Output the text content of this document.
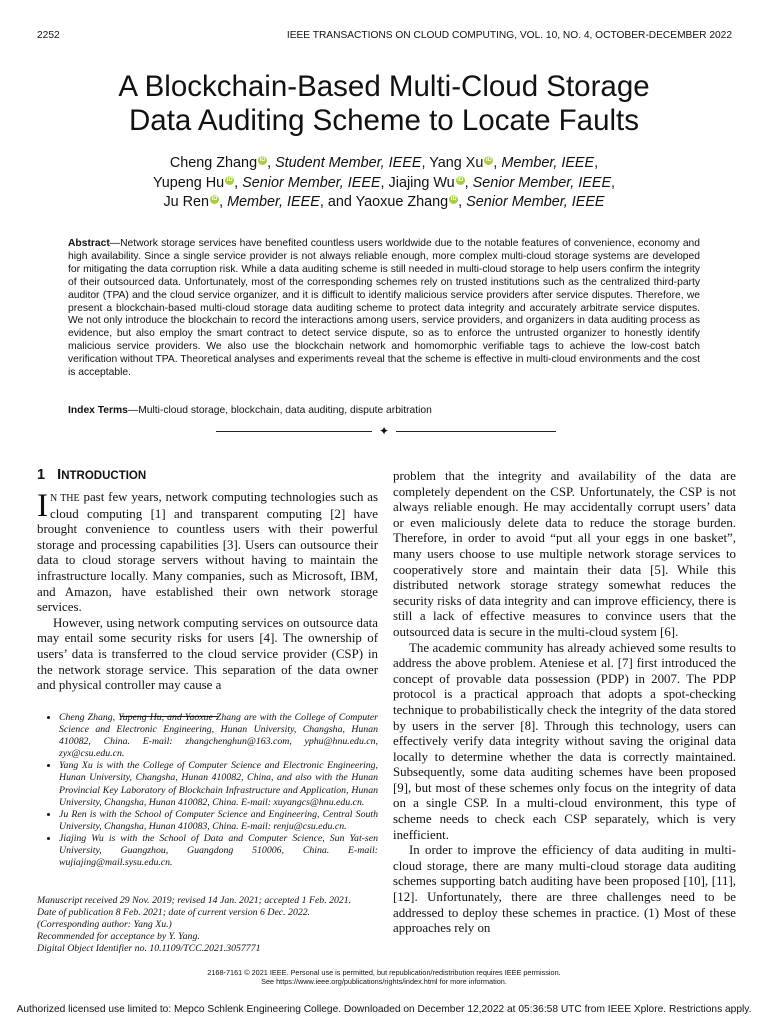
2252	IEEE TRANSACTIONS ON CLOUD COMPUTING, VOL. 10, NO. 4, OCTOBER-DECEMBER 2022
A Blockchain-Based Multi-Cloud Storage
Data Auditing Scheme to Locate Faults
Cheng Zhang iD , Student Member, IEEE, Yang Xu iD , Member, IEEE,
Yupeng Hu iD , Senior Member, IEEE, Jiajing Wu iD , Senior Member, IEEE,
Ju Ren iD , Member, IEEE, and Yaoxue Zhang iD , Senior Member, IEEE
Abstract—Network storage services have benefited countless users worldwide due to the notable features of convenience, economy and high availability. Since a single service provider is not always reliable enough, more complex multi-cloud storage systems are developed for mitigating the data corruption risk. While a data auditing scheme is still needed in multi-cloud storage to help users confirm the integrity of their outsourced data. Unfortunately, most of the corresponding schemes rely on trusted institutions such as the centralized third-party auditor (TPA) and the cloud service organizer, and it is difficult to identify malicious service providers after service disputes. Therefore, we present a blockchain-based multi-cloud storage data auditing scheme to protect data integrity and accurately arbitrate service disputes. We not only introduce the blockchain to record the interactions among users, service providers, and organizers in data auditing process as evidence, but also employ the smart contract to detect service dispute, so as to enforce the untrusted organizer to honestly identify malicious service providers. We also use the blockchain network and homomorphic verifiable tags to achieve the low-cost batch verification without TPA. Theoretical analyses and experiments reveal that the scheme is effective in multi-cloud environments and the cost is acceptable.
Index Terms—Multi-cloud storage, blockchain, data auditing, dispute arbitration
✦
1 INTRODUCTION

I N THE past few years, network computing technologies such as cloud computing [1] and transparent computing [2] have brought convenience to countless users with their powerful storage and processing capabilities [3]. Users can outsource their data to cloud storage servers without having to maintain the infrastructure locally. Many companies, such as Microsoft, IBM, and Amazon, have established their own network storage services.

However, using network computing services on outsource data may entail some security risks for users [4]. The ownership of users’ data is transferred to the cloud service provider (CSP) in the network storage service. This separation of the data owner and physical controller may cause a

• Cheng Zhang, Yupeng Hu, and Yaoxue Zhang are with the College of Computer Science and Electronic Engineering, Hunan University, Changsha, Hunan 410082, China. E-mail: zhangchenghun@163.com, yphu@hnu.edu.cn, zyx@csu.edu.cn.
• Yang Xu is with the College of Computer Science and Electronic Engineering, Hunan University, Changsha, Hunan 410082, China, and also with the Hunan Provincial Key Laboratory of Blockchain Infrastructure and Application, Hunan University, Changsha, Hunan 410082, China. E-mail: xuyangcs@hnu.edu.cn.
• Ju Ren is with the School of Computer Science and Engineering, Central South University, Changsha, Hunan 410083, China. E-mail: renju@csu.edu.cn.
• Jiajing Wu is with the School of Data and Computer Science, Sun Yat-sen University, Guangzhou, Guangdong 510006, China. E-mail: wujiajing@mail.sysu.edu.cn.
Manuscript received 29 Nov. 2019; revised 14 Jan. 2021; accepted 1 Feb. 2021.
Date of publication 8 Feb. 2021; date of current version 6 Dec. 2022.
(Corresponding author: Yang Xu.)
Recommended for acceptance by Y. Yang.
Digital Object Identifier no. 10.1109/TCC.2021.3057771

problem that the integrity and availability of the data are completely dependent on the CSP. Unfortunately, the CSP is not always reliable enough. He may accidentally corrupt users’ data or even maliciously delete data to reduce the storage burden. Therefore, in order to avoid “put all your eggs in one basket”, many users choose to use multiple network storage services to cooperatively store and maintain their data [5]. While this distributed network storage strategy somewhat reduces the security risks of data integrity and can improve efficiency, there is still a lack of effective measures to convince users that the outsourced data is secure in the multi-cloud system [6].

The academic community has already achieved some results to address the above problem. Ateniese et al. [7] first introduced the concept of provable data possession (PDP) in 2007. The PDP protocol is a practical approach that adopts a spot-checking technique to probabilistically check the integrity of the data stored by users in the server [8]. Through this technology, users can effectively verify data integrity without saving the original data locally to determine whether the data is correctly maintained. Subsequently, some data auditing schemes have been proposed [9], but most of these schemes only focus on the integrity of data on a single CSP. In a multi-cloud environment, this type of scheme needs to check each CSP separately, which is very inefficient.

In order to improve the efficiency of data auditing in multi-cloud storage, there are many multi-cloud storage data auditing schemes supporting batch auditing have been proposed [10], [11], [12]. Unfortunately, there are three challenges need to be addressed to deploy these schemes in practice. (1) Most of these approaches rely on

2168-7161 © 2021 IEEE. Personal use is permitted, but republication/redistribution requires IEEE permission.
See https://www.ieee.org/publications/rights/index.html for more information.
Authorized licensed use limited to: Mepco Schlenk Engineering College. Downloaded on December 12,2022 at 05:36:58 UTC from IEEE Xplore. Restrictions apply.
